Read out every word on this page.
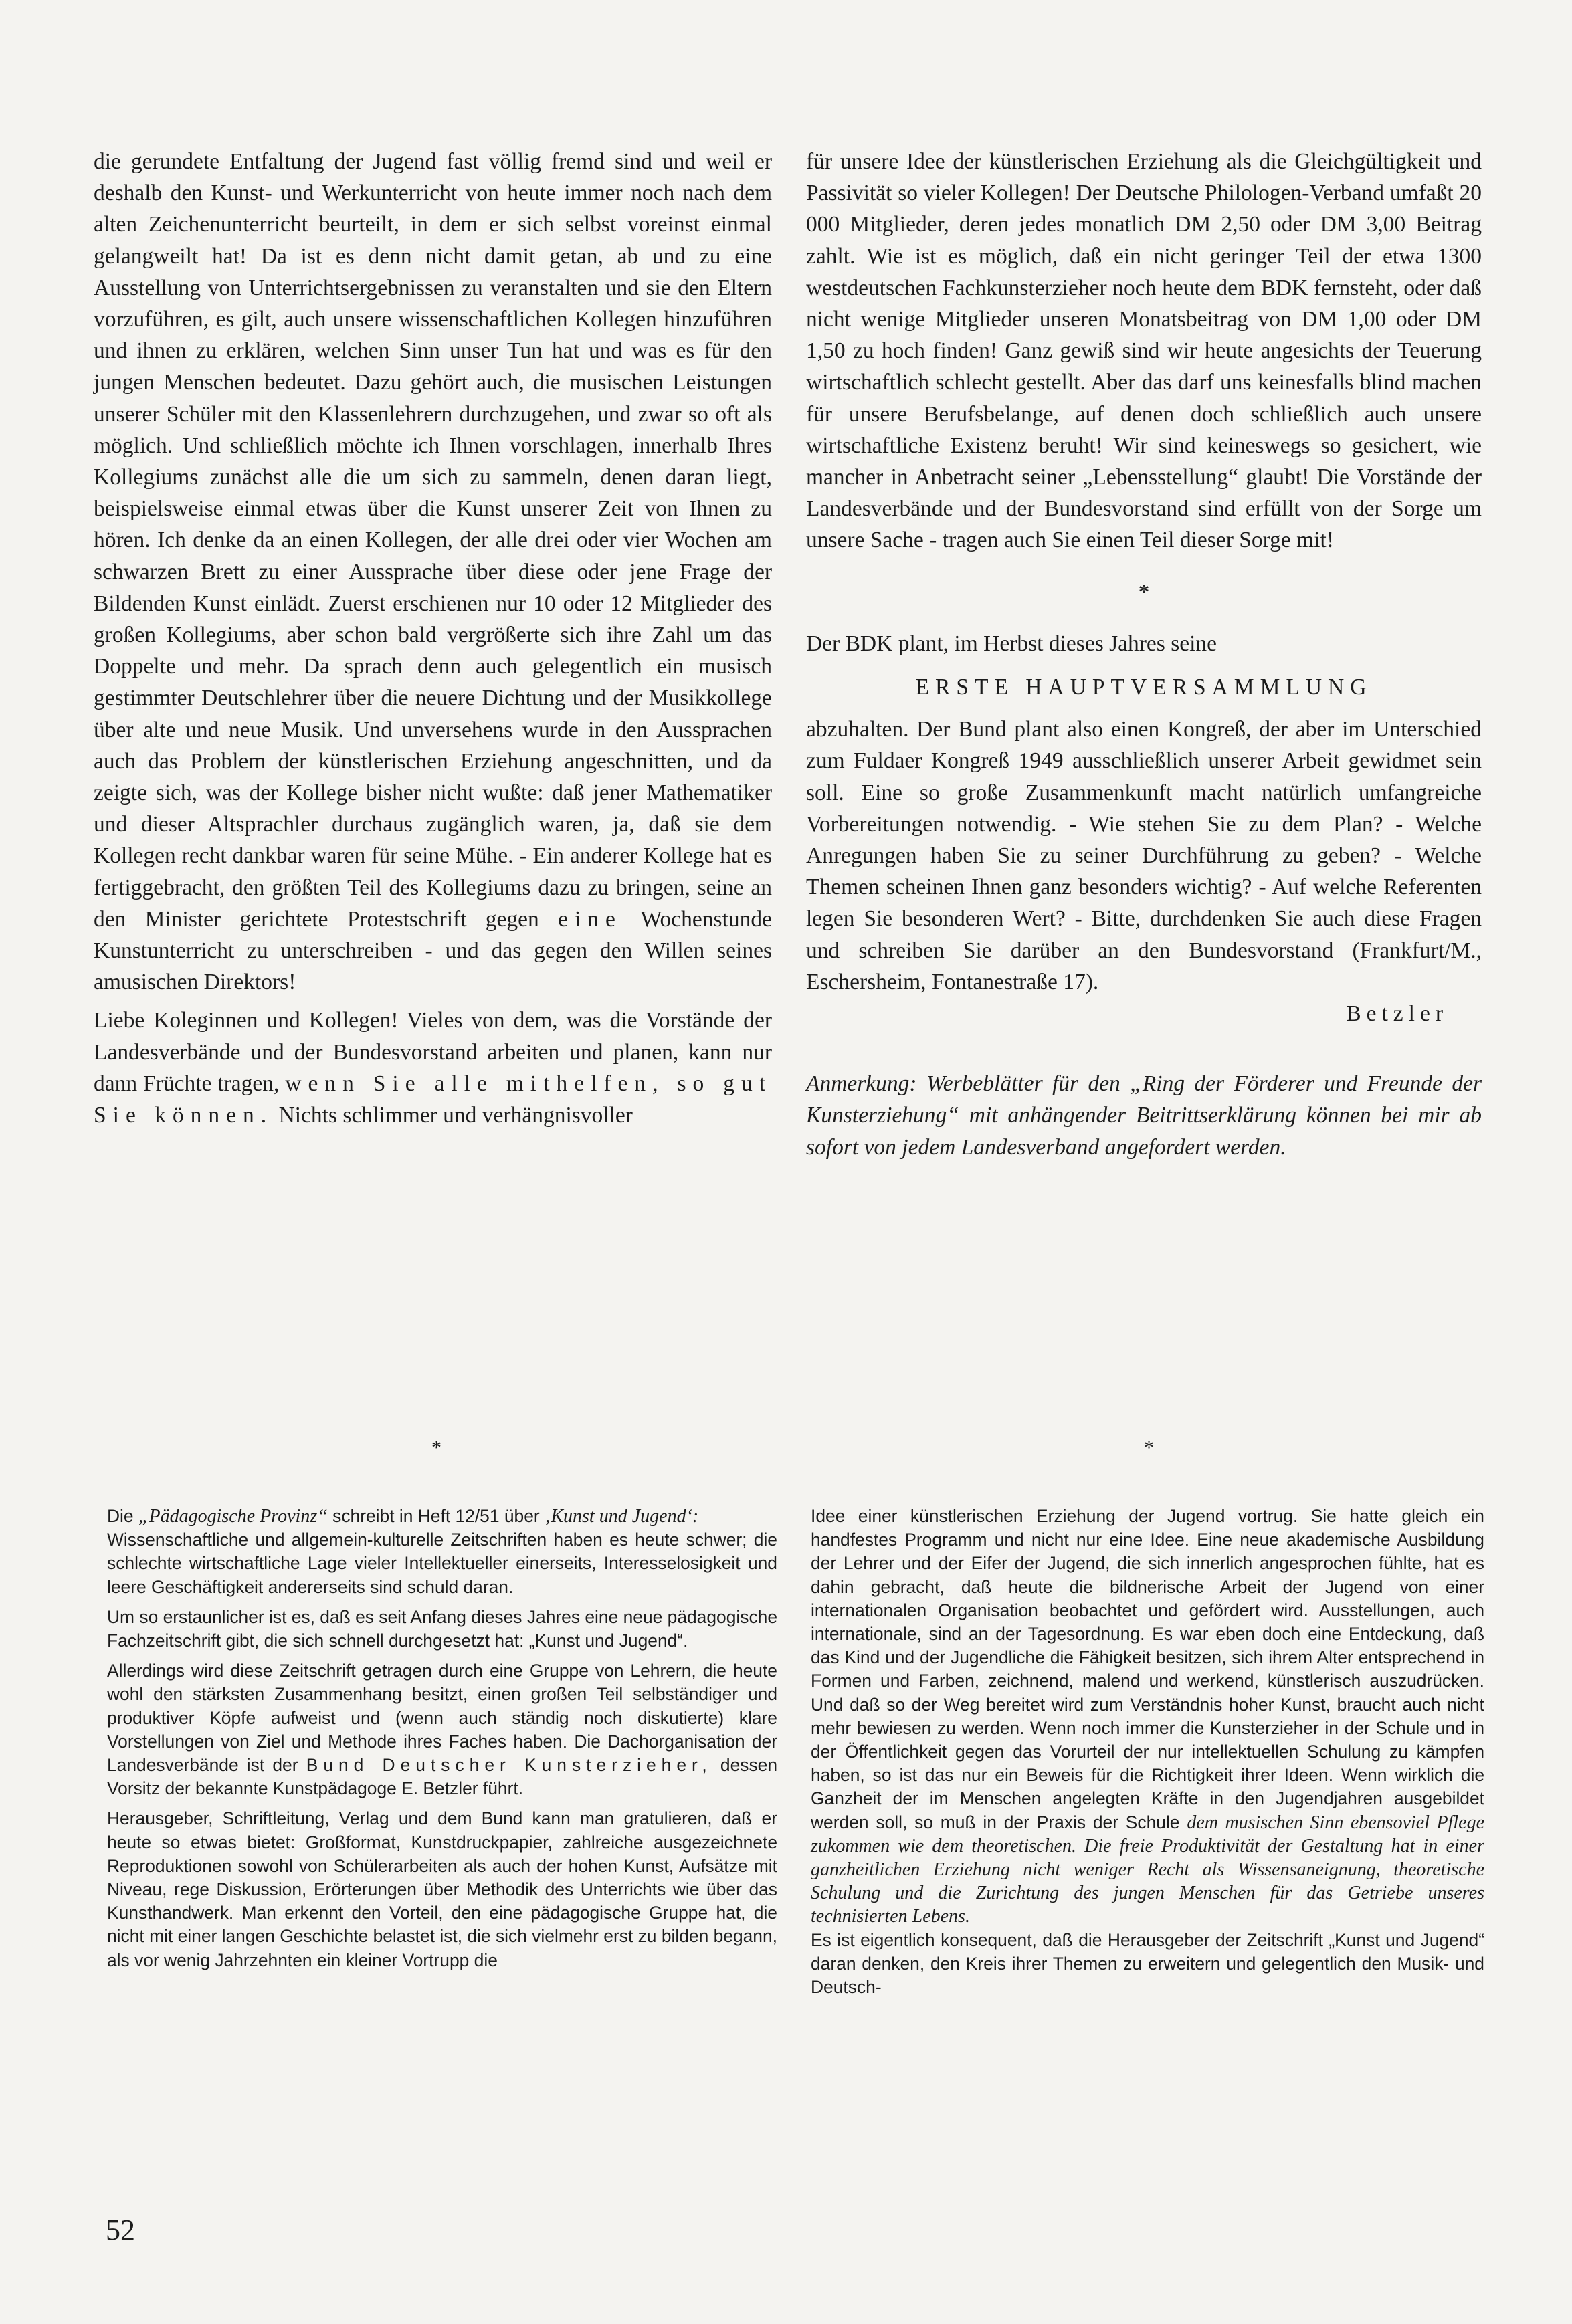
die gerundete Entfaltung der Jugend fast völlig fremd sind und weil er deshalb den Kunst- und Werkunterricht von heute immer noch nach dem alten Zeichenunterricht beurteilt, in dem er sich selbst voreinst einmal gelangweilt hat! Da ist es denn nicht damit getan, ab und zu eine Ausstellung von Unterrichtsergebnissen zu veranstalten und sie den Eltern vorzuführen, es gilt, auch unsere wissenschaftlichen Kollegen hinzuführen und ihnen zu erklären, welchen Sinn unser Tun hat und was es für den jungen Menschen bedeutet. Dazu gehört auch, die musischen Leistungen unserer Schüler mit den Klassenlehrern durchzugehen, und zwar so oft als möglich. Und schließlich möchte ich Ihnen vorschlagen, innerhalb Ihres Kollegiums zunächst alle die um sich zu sammeln, denen daran liegt, beispielsweise einmal etwas über die Kunst unserer Zeit von Ihnen zu hören. Ich denke da an einen Kollegen, der alle drei oder vier Wochen am schwarzen Brett zu einer Aussprache über diese oder jene Frage der Bildenden Kunst einlädt. Zuerst erschienen nur 10 oder 12 Mitglieder des großen Kollegiums, aber schon bald vergrößerte sich ihre Zahl um das Doppelte und mehr. Da sprach denn auch gelegentlich ein musisch gestimmter Deutschlehrer über die neuere Dichtung und der Musikkollege über alte und neue Musik. Und unversehens wurde in den Aussprachen auch das Problem der künstlerischen Erziehung angeschnitten, und da zeigte sich, was der Kollege bisher nicht wußte: daß jener Mathematiker und dieser Altsprachler durchaus zugänglich waren, ja, daß sie dem Kollegen recht dankbar waren für seine Mühe. - Ein anderer Kollege hat es fertiggebracht, den größten Teil des Kollegiums dazu zu bringen, seine an den Minister gerichtete Protestschrift gegen eine Wochenstunde Kunstunterricht zu unterschreiben - und das gegen den Willen seines amusischen Direktors!

Liebe Koleginnen und Kollegen! Vieles von dem, was die Vorstände der Landesverbände und der Bundesvorstand arbeiten und planen, kann nur dann Früchte tragen, wenn Sie alle mithelfen, so gut Sie können. Nichts schlimmer und verhängnisvoller

für unsere Idee der künstlerischen Erziehung als die Gleichgültigkeit und Passivität so vieler Kollegen! Der Deutsche Philologen-Verband umfaßt 20 000 Mitglieder, deren jedes monatlich DM 2,50 oder DM 3,00 Beitrag zahlt. Wie ist es möglich, daß ein nicht geringer Teil der etwa 1300 westdeutschen Fachkunsterzieher noch heute dem BDK fernsteht, oder daß nicht wenige Mitglieder unseren Monatsbeitrag von DM 1,00 oder DM 1,50 zu hoch finden! Ganz gewiß sind wir heute angesichts der Teuerung wirtschaftlich schlecht gestellt. Aber das darf uns keinesfalls blind machen für unsere Berufsbelange, auf denen doch schließlich auch unsere wirtschaftliche Existenz beruht! Wir sind keineswegs so gesichert, wie mancher in Anbetracht seiner „Lebensstellung“ glaubt! Die Vorstände der Landesverbände und der Bundesvorstand sind erfüllt von der Sorge um unsere Sache - tragen auch Sie einen Teil dieser Sorge mit!

*

Der BDK plant, im Herbst dieses Jahres seine

ERSTE HAUPTVERSAMMLUNG

abzuhalten. Der Bund plant also einen Kongreß, der aber im Unterschied zum Fuldaer Kongreß 1949 ausschließlich unserer Arbeit gewidmet sein soll. Eine so große Zusammenkunft macht natürlich umfangreiche Vorbereitungen notwendig. - Wie stehen Sie zu dem Plan? - Welche Anregungen haben Sie zu seiner Durchführung zu geben? - Welche Themen scheinen Ihnen ganz besonders wichtig? - Auf welche Referenten legen Sie besonderen Wert? - Bitte, durchdenken Sie auch diese Fragen und schreiben Sie darüber an den Bundesvorstand (Frankfurt/M., Eschersheim, Fontanestraße 17).

Betzler

Anmerkung: Werbeblätter für den „Ring der Förderer und Freunde der Kunsterziehung“ mit anhängender Beitrittserklärung können bei mir ab sofort von jedem Landesverband angefordert werden.

*	*

Die „Pädagogische Provinz“ schreibt in Heft 12/51 über ‚Kunst und Jugend‘:

Wissenschaftliche und allgemein-kulturelle Zeitschriften haben es heute schwer; die schlechte wirtschaftliche Lage vieler Intellektueller einerseits, Interesselosigkeit und leere Geschäftigkeit andererseits sind schuld daran.

Um so erstaunlicher ist es, daß es seit Anfang dieses Jahres eine neue pädagogische Fachzeitschrift gibt, die sich schnell durchgesetzt hat: „Kunst und Jugend“.

Allerdings wird diese Zeitschrift getragen durch eine Gruppe von Lehrern, die heute wohl den stärksten Zusammenhang besitzt, einen großen Teil selbständiger und produktiver Köpfe aufweist und (wenn auch ständig noch diskutierte) klare Vorstellungen von Ziel und Methode ihres Faches haben. Die Dachorganisation der Landesverbände ist der Bund Deutscher Kunsterzieher, dessen Vorsitz der bekannte Kunstpädagoge E. Betzler führt.

Herausgeber, Schriftleitung, Verlag und dem Bund kann man gratulieren, daß er heute so etwas bietet: Großformat, Kunstdruckpapier, zahlreiche ausgezeichnete Reproduktionen sowohl von Schülerarbeiten als auch der hohen Kunst, Aufsätze mit Niveau, rege Diskussion, Erörterungen über Methodik des Unterrichts wie über das Kunsthandwerk. Man erkennt den Vorteil, den eine pädagogische Gruppe hat, die nicht mit einer langen Geschichte belastet ist, die sich vielmehr erst zu bilden begann, als vor wenig Jahrzehnten ein kleiner Vortrupp die

Idee einer künstlerischen Erziehung der Jugend vortrug. Sie hatte gleich ein handfestes Programm und nicht nur eine Idee. Eine neue akademische Ausbildung der Lehrer und der Eifer der Jugend, die sich innerlich angesprochen fühlte, hat es dahin gebracht, daß heute die bildnerische Arbeit der Jugend von einer internationalen Organisation beobachtet und gefördert wird. Ausstellungen, auch internationale, sind an der Tagesordnung. Es war eben doch eine Entdeckung, daß das Kind und der Jugendliche die Fähigkeit besitzen, sich ihrem Alter entsprechend in Formen und Farben, zeichnend, malend und werkend, künstlerisch auszudrücken. Und daß so der Weg bereitet wird zum Verständnis hoher Kunst, braucht auch nicht mehr bewiesen zu werden. Wenn noch immer die Kunsterzieher in der Schule und in der Öffentlichkeit gegen das Vorurteil der nur intellektuellen Schulung zu kämpfen haben, so ist das nur ein Beweis für die Richtigkeit ihrer Ideen. Wenn wirklich die Ganzheit der im Menschen angelegten Kräfte in den Jugendjahren ausgebildet werden soll, so muß in der Praxis der Schule dem musischen Sinn ebensoviel Pflege zukommen wie dem theoretischen. Die freie Produktivität der Gestaltung hat in einer ganzheitlichen Erziehung nicht weniger Recht als Wissensaneignung, theoretische Schulung und die Zurichtung des jungen Menschen für das Getriebe unseres technisierten Lebens.

Es ist eigentlich konsequent, daß die Herausgeber der Zeitschrift „Kunst und Jugend“ daran denken, den Kreis ihrer Themen zu erweitern und gelegentlich den Musik- und Deutsch-

52
